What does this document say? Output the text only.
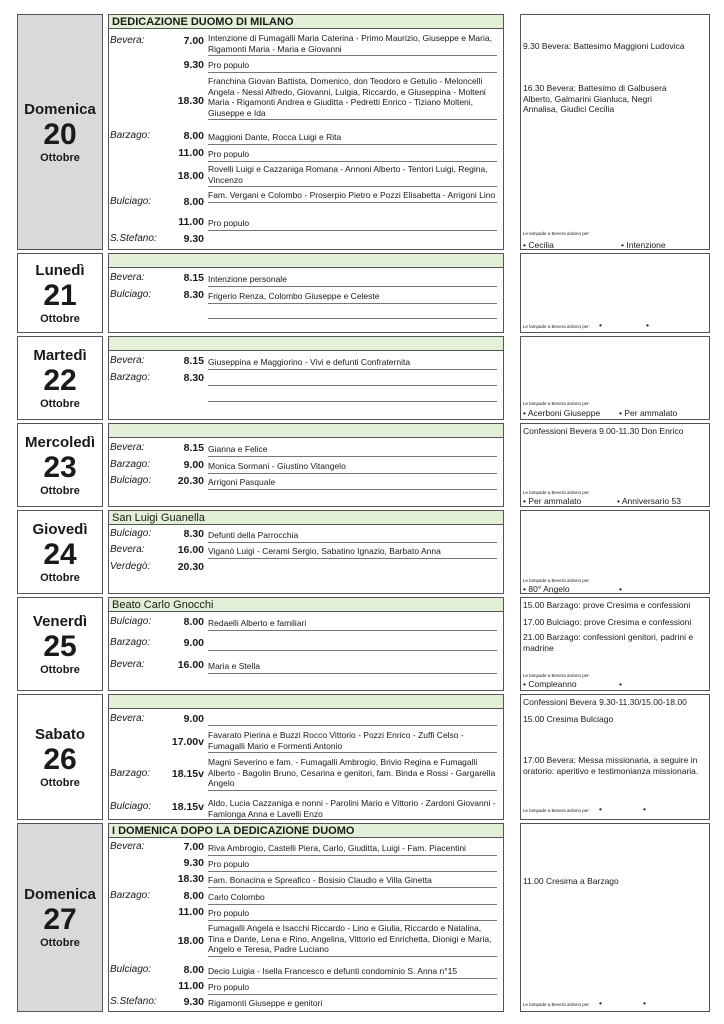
Domenica
20
Ottobre
DEDICAZIONE DUOMO DI MILANO
Bevera:	7.00 Intenzione di Fumagalli Maria Caterina - Primo Maurizio, Giuseppe e Maria, Rigamonti Maria - Maria e Giovanni
9.30 Pro populo
18.30
Franchina Giovan Battista, Domenico, don Teodoro e Getulio - Meloncelli Angela - Nessi Alfredo, Giovanni, Luigia, Riccardo, e Giuseppina - Molteni Maria - Rigamonti Andrea e Giuditta - Pedretti Enrico - Tiziano Molteni, Giuseppe e Ida
Barzago:	8.00 Maggioni Dante, Rocca Luigi e Rita
11.00 Pro populo
18.00
Rovelli Luigi e Cazzaniga Romana - Annoni Alberto - Tentori Luigi, Regina, Vincenzo
Bulciago:	8.00
Fam. Vergani e Colombo - Proserpio Pietro e Pozzi Elisabetta - Arrigoni Lino
11.00 Pro populo
S.Stefano:	9.30
9.30 Bevera: Battesimo Maggioni Ludovica
16.30 Bevera: Battesimo di Galbusera Alberto, Galmarini Gianluca, Negri Annalisa, Giudici Cecilia
Le lampade a Bevera ardono per:
• Cecilia	• Intenzione
Lunedì
21
Ottobre
Bevera:	8.15 Intenzione personale
Bulciago:	8.30 Frigerio Renza, Colombo Giuseppe e Celeste
Le lampade a Bevera ardono per: •	•
Martedì
22
Ottobre
Bevera:	8.15 Giuseppina e Maggiorino - Vivi e defunti Confraternita
Barzago:	8.30
Le lampade a Bevera ardono per:
• Acerboni Giuseppe • Per ammalato
Mercoledì
23
Ottobre
Bevera:	8.15 Gianna e Felice
Barzago:	9.00 Monica Sormani - Giustino Vitangelo
Bulciago:	20.30 Arrigoni Pasquale
Confessioni Bevera 9.00-11.30 Don Enrico
Le lampade a Bevera ardono per:
• Per ammalato	• Anniversario 53
Giovedì
24
Ottobre
San Luigi Guanella
Bulciago:	8.30 Defunti della Parrocchia
Bevera:	16.00 Viganò Luigi - Cerami Sergio, Sabatino Ignazio, Barbato Anna
Verdegò:	20.30
Le lampade a Bevera ardono per:
• 80° Angelo	•
Venerdì
25
Ottobre
Beato Carlo Gnocchi
Bulciago:	8.00 Redaelli Alberto e familiari
Barzago:	9.00
Bevera:	16.00 Maria e Stella
15.00 Barzago: prove Cresima e confessioni
17.00 Bulciago: prove Cresima e confessioni
21.00 Barzago: confessioni genitori, padrini e madrine
Le lampade a Bevera ardono per:
• Compleanno	•
Sabato
26
Ottobre
Bevera:	9.00
17.00v
Favarato Pierina e Buzzi Rocco Vittorio - Pozzi Enrico - Zuffi Celso - Fumagalli Mario e Formenti Antonio
Barzago:	18.15v
Magni Severino e fam. - Fumagalli Ambrogio, Brivio Regina e Fumagalli Alberto - Bagolin Bruno, Cesarina e genitori, fam. Binda e Rossi - Gargarella Angelo
Bulciago:	18.15v Aldo, Lucia Cazzaniga e nonni - Parolini Mario e Vittorio - Zardoni Giovanni - Famlonga Anna e Lavelli Enzo
Confessioni Bevera 9.30-11.30/15.00-18.00
15.00 Cresima Bulciago
17.00 Bevera: Messa missionaria, a seguire in oratorio: aperitivo e testimonianza missionaria.
Le lampade a Bevera ardono per: •	•
Domenica
27
Ottobre
I DOMENICA DOPO LA DEDICAZIONE DUOMO
Bevera:	7.00 Riva Ambrogio, Castelli Piera, Carlo, Giuditta, Luigi - Fam. Piacentini
9.30 Pro populo
18.30 Fam. Bonacina e Spreafico - Bosisio Claudio e Villa Ginetta
Barzago:	8.00 Carlo Colombo
11.00 Pro populo
18.00
Fumagalli Angela e Isacchi Riccardo - Lino e Giulia, Riccardo e Natalina, Tina e Dante, Lena e Rino, Angelina, Vittorio ed Enrichetta, Dionigi e Maria, Angelo e Teresa, Padre Luciano
Bulciago:	8.00 Decio Luigia - Isella Francesco e defunti condominio S. Anna n°15
11.00 Pro populo
S.Stefano:	9.30 Rigamonti Giuseppe e genitori
11.00 Cresima a Barzago
Le lampade a Bevera ardono per: •	•
